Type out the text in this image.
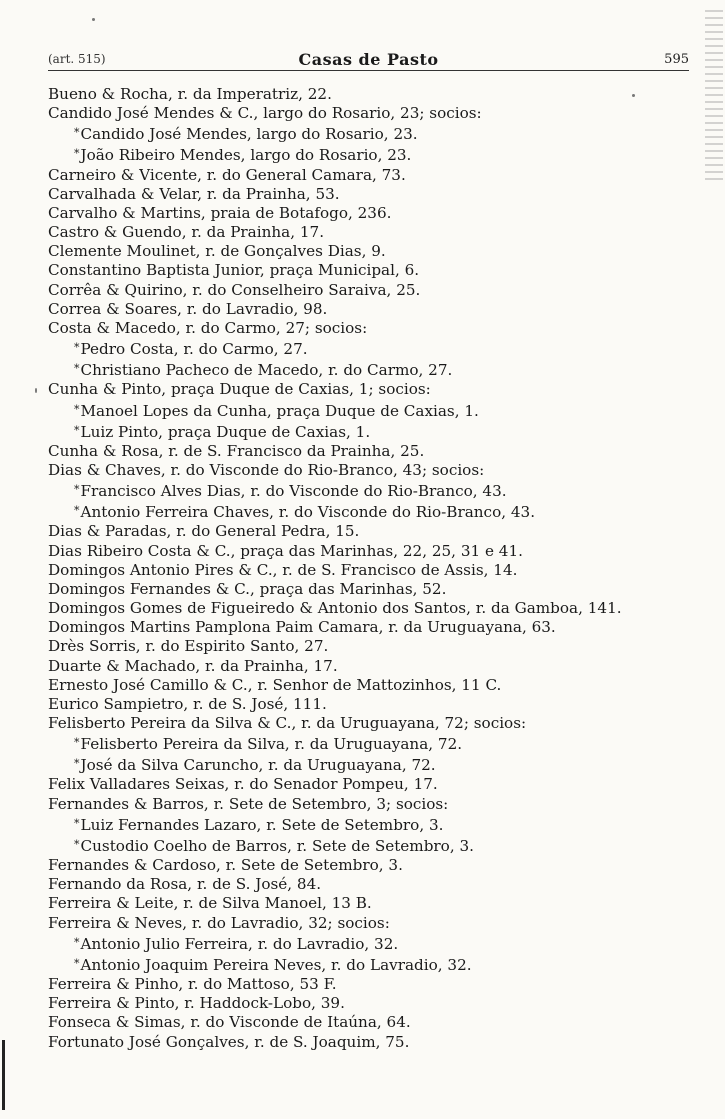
(art. 515)	Casas de Pasto	595
Bueno & Rocha, r. da Imperatriz, 22.
Candido José Mendes & C., largo do Rosario, 23; socios:
* Candido José Mendes, largo do Rosario, 23.
* João Ribeiro Mendes, largo do Rosario, 23.
Carneiro & Vicente, r. do General Camara, 73.
Carvalhada & Velar, r. da Prainha, 53.
Carvalho & Martins, praia de Botafogo, 236.
Castro & Guendo, r. da Prainha, 17.
Clemente Moulinet, r. de Gonçalves Dias, 9.
Constantino Baptista Junior, praça Municipal, 6.
Corrêa & Quirino, r. do Conselheiro Saraiva, 25.
Correa & Soares, r. do Lavradio, 98.
Costa & Macedo, r. do Carmo, 27; socios:
* Pedro Costa, r. do Carmo, 27.
* Christiano Pacheco de Macedo, r. do Carmo, 27.
Cunha & Pinto, praça Duque de Caxias, 1; socios:
* Manoel Lopes da Cunha, praça Duque de Caxias, 1.
* Luiz Pinto, praça Duque de Caxias, 1.
Cunha & Rosa, r. de S. Francisco da Prainha, 25.
Dias & Chaves, r. do Visconde do Rio-Branco, 43; socios:
* Francisco Alves Dias, r. do Visconde do Rio-Branco, 43.
* Antonio Ferreira Chaves, r. do Visconde do Rio-Branco, 43.
Dias & Paradas, r. do General Pedra, 15.
Dias Ribeiro Costa & C., praça das Marinhas, 22, 25, 31 e 41.
Domingos Antonio Pires & C., r. de S. Francisco de Assis, 14.
Domingos Fernandes & C., praça das Marinhas, 52.
Domingos Gomes de Figueiredo & Antonio dos Santos, r. da Gamboa, 141.
Domingos Martins Pamplona Paim Camara, r. da Uruguayana, 63.
Drès Sorris, r. do Espirito Santo, 27.
Duarte & Machado, r. da Prainha, 17.
Ernesto José Camillo & C., r. Senhor de Mattozinhos, 11 C.
Eurico Sampietro, r. de S. José, 111.
Felisberto Pereira da Silva & C., r. da Uruguayana, 72; socios:
* Felisberto Pereira da Silva, r. da Uruguayana, 72.
* José da Silva Caruncho, r. da Uruguayana, 72.
Felix Valladares Seixas, r. do Senador Pompeu, 17.
Fernandes & Barros, r. Sete de Setembro, 3; socios:
* Luiz Fernandes Lazaro, r. Sete de Setembro, 3.
* Custodio Coelho de Barros, r. Sete de Setembro, 3.
Fernandes & Cardoso, r. Sete de Setembro, 3.
Fernando da Rosa, r. de S. José, 84.
Ferreira & Leite, r. de Silva Manoel, 13 B.
Ferreira & Neves, r. do Lavradio, 32; socios:
* Antonio Julio Ferreira, r. do Lavradio, 32.
* Antonio Joaquim Pereira Neves, r. do Lavradio, 32.
Ferreira & Pinho, r. do Mattoso, 53 F.
Ferreira & Pinto, r. Haddock-Lobo, 39.
Fonseca & Simas, r. do Visconde de Itaúna, 64.
Fortunato José Gonçalves, r. de S. Joaquim, 75.
